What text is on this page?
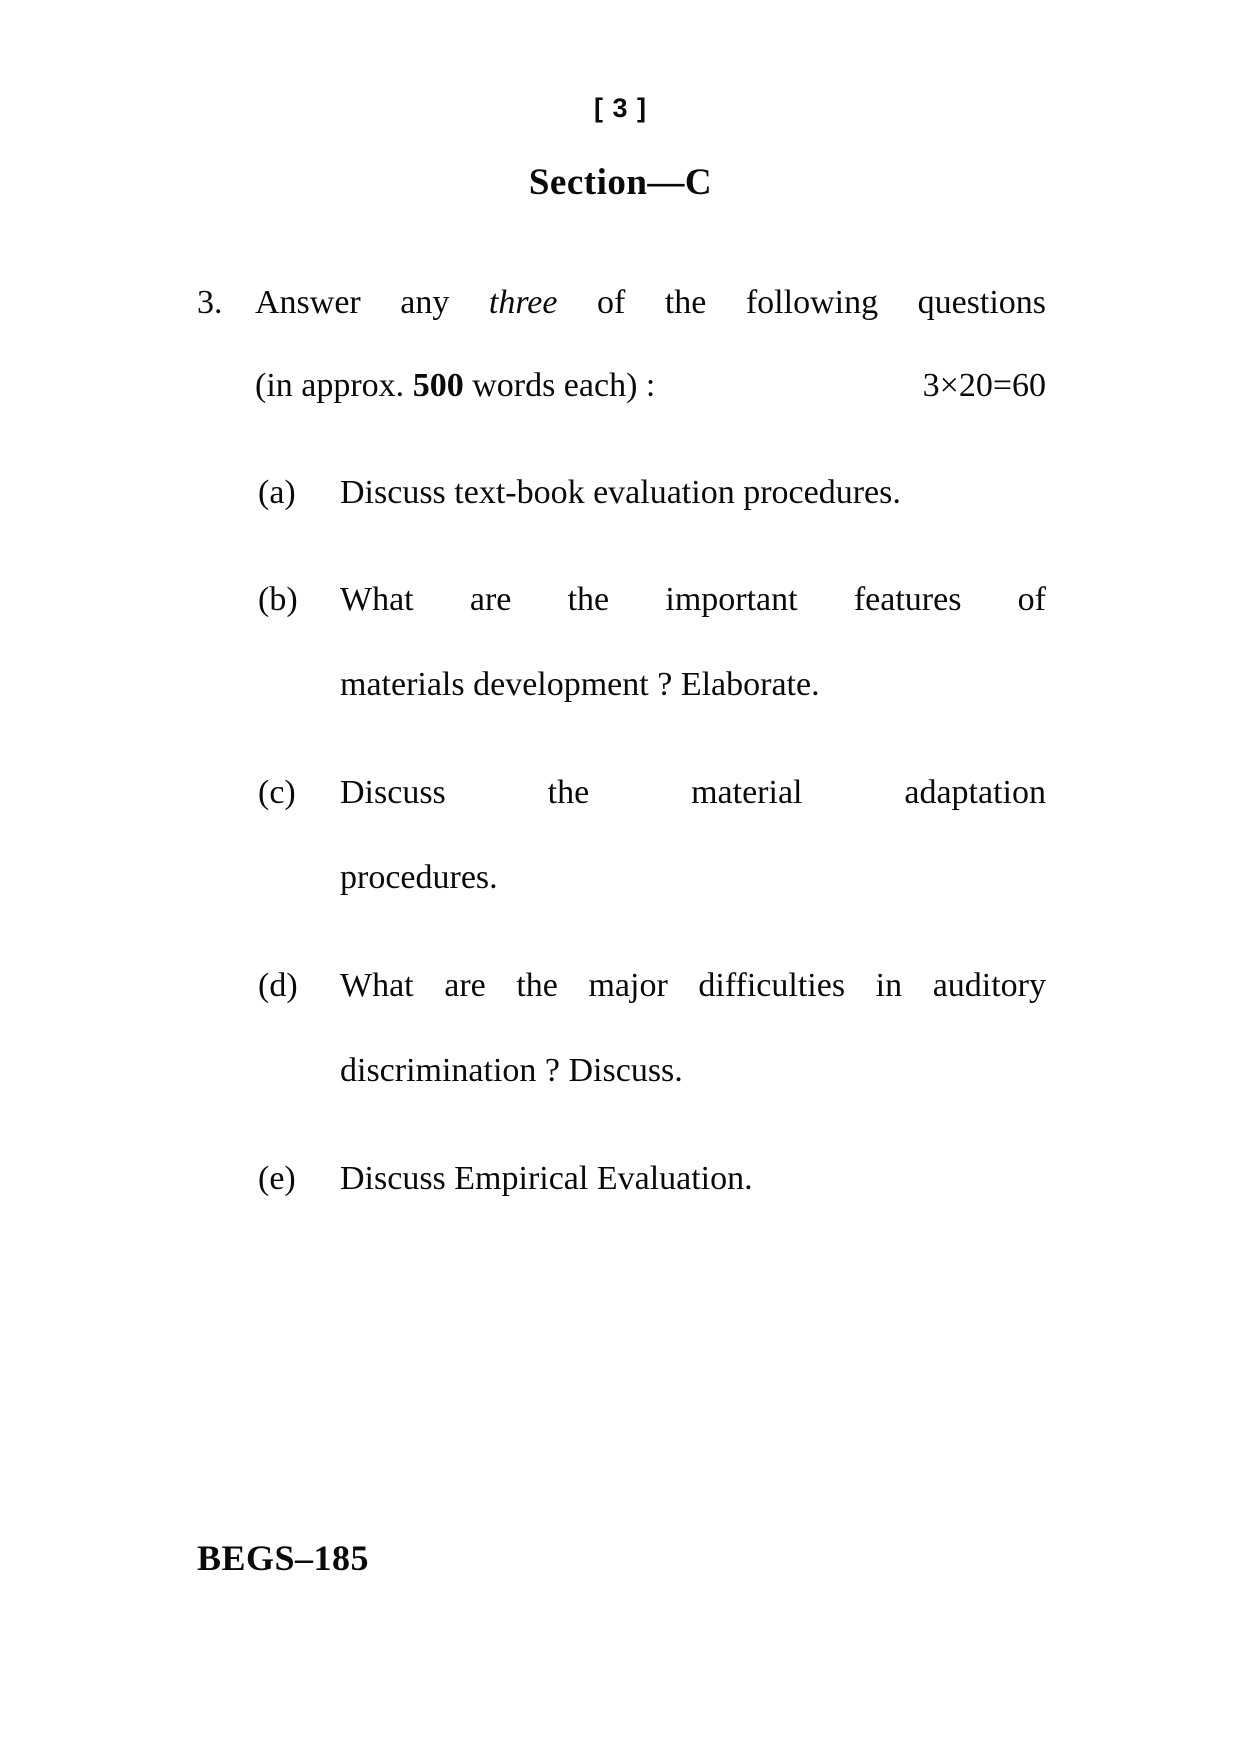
[ 3 ]
Section—C
3. Answer any three of the following questions
(in approx. 500 words each) :	3×20=60
(a) Discuss text-book evaluation procedures.
(b) What are the important features of
materials development ? Elaborate.
(c) Discuss the material adaptation
procedures.
(d) What are the major difficulties in auditory
discrimination ? Discuss.
(e) Discuss Empirical Evaluation.
BEGS–185
